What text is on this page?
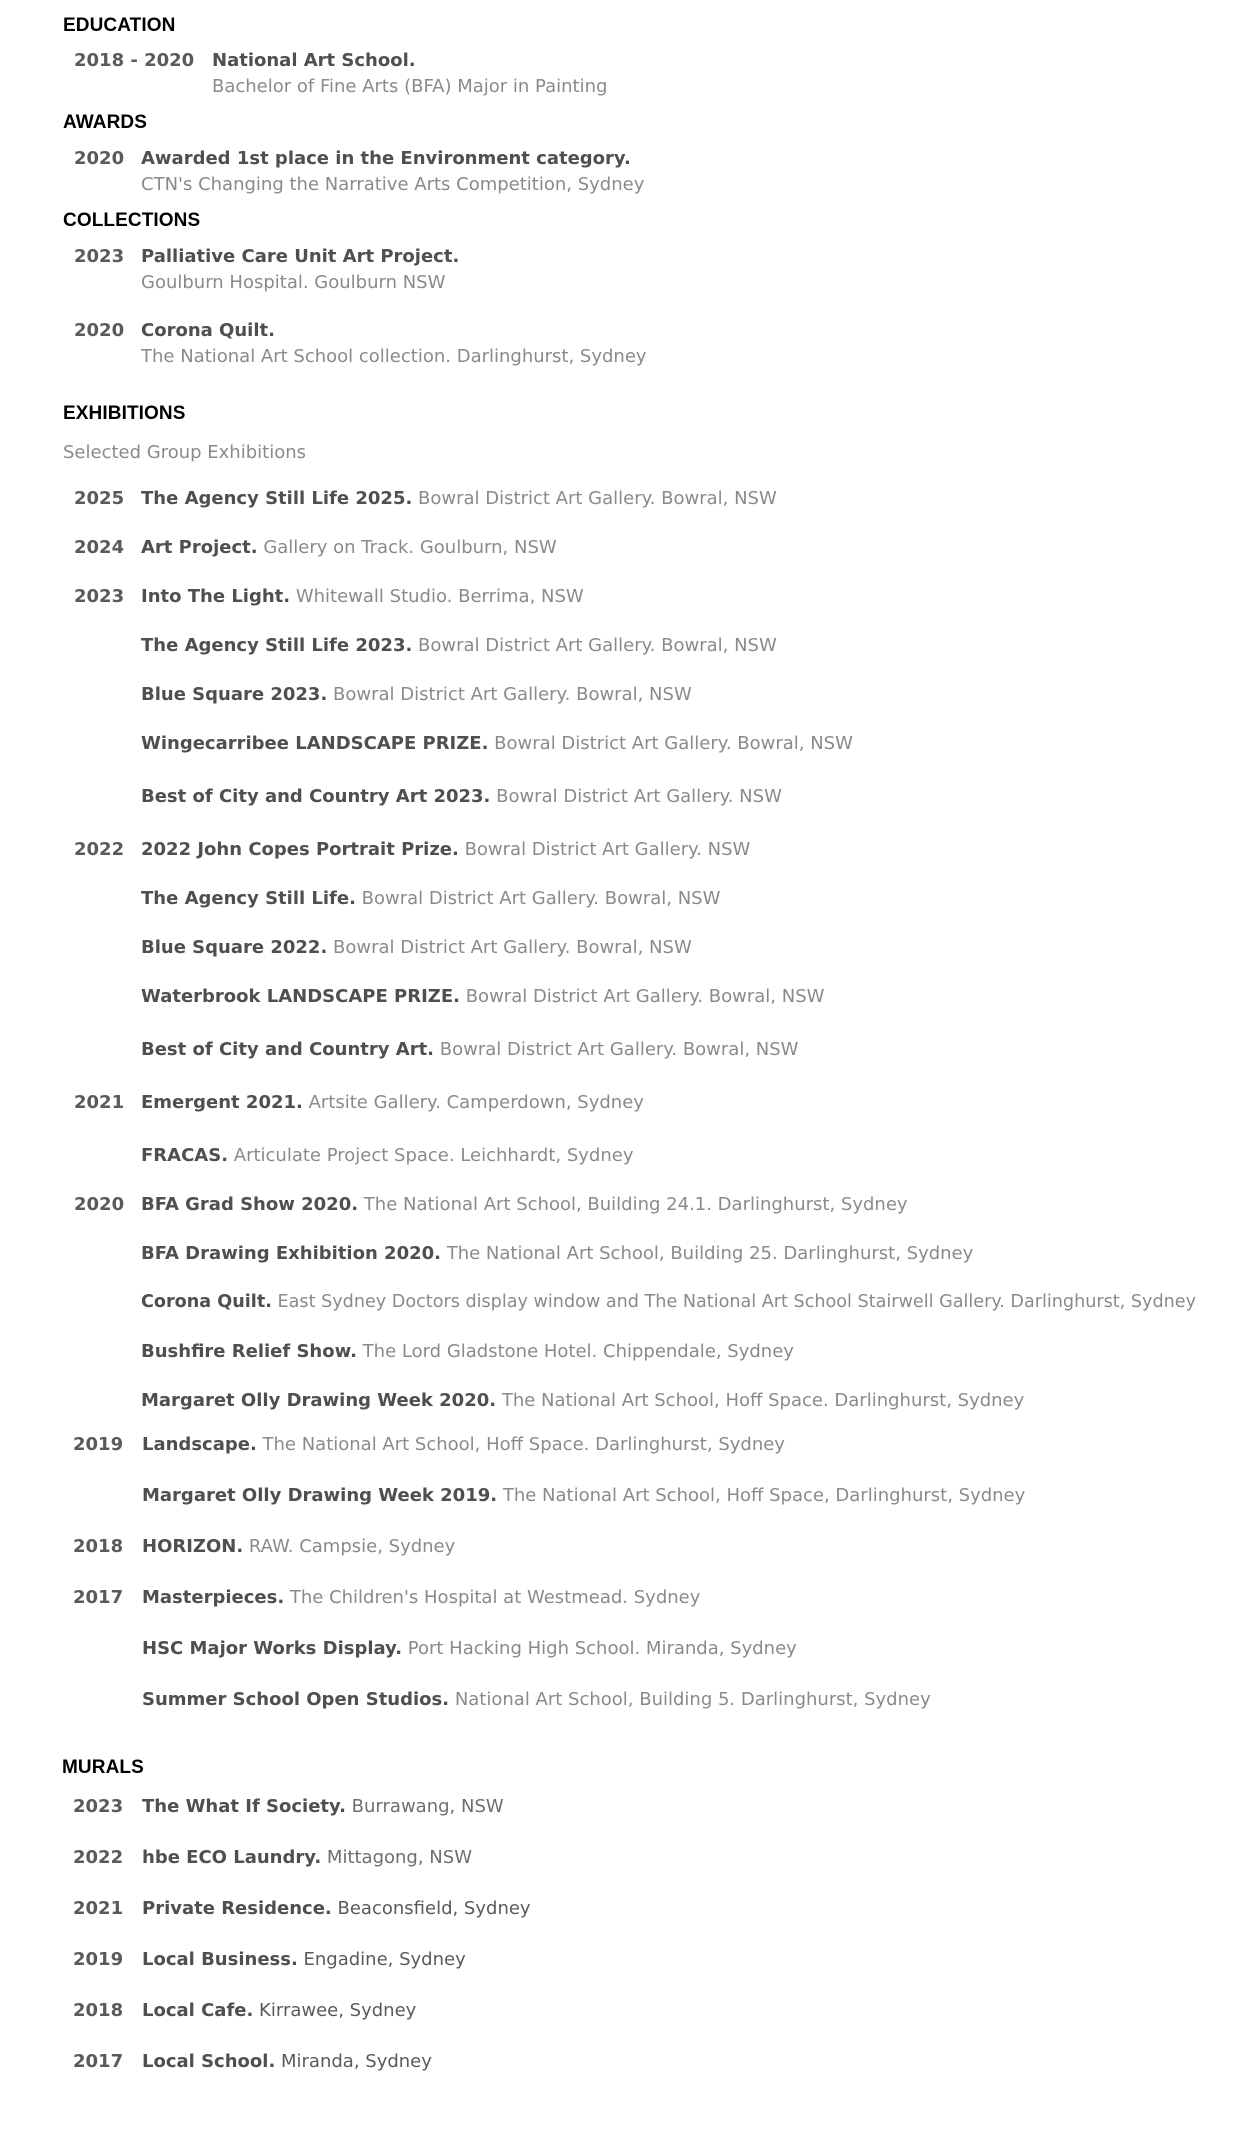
EDUCATION
2018 - 2020 National Art School.
Bachelor of Fine Arts (BFA) Major in Painting
AWARDS
2020 Awarded 1st place in the Environment category.
CTN's Changing the Narrative Arts Competition, Sydney
COLLECTIONS
2023 Palliative Care Unit Art Project.
Goulburn Hospital. Goulburn NSW
2020 Corona Quilt.
The National Art School collection. Darlinghurst, Sydney
EXHIBITIONS
Selected Group Exhibitions
2025 The Agency Still Life 2025. Bowral District Art Gallery. Bowral, NSW
2024 Art Project. Gallery on Track. Goulburn, NSW
2023 Into The Light. Whitewall Studio. Berrima, NSW
The Agency Still Life 2023. Bowral District Art Gallery. Bowral, NSW
Blue Square 2023. Bowral District Art Gallery. Bowral, NSW
Wingecarribee LANDSCAPE PRIZE. Bowral District Art Gallery. Bowral, NSW
Best of City and Country Art 2023. Bowral District Art Gallery. NSW
2022 2022 John Copes Portrait Prize. Bowral District Art Gallery. NSW
The Agency Still Life. Bowral District Art Gallery. Bowral, NSW
Blue Square 2022. Bowral District Art Gallery. Bowral, NSW
Waterbrook LANDSCAPE PRIZE. Bowral District Art Gallery. Bowral, NSW
Best of City and Country Art. Bowral District Art Gallery. Bowral, NSW
2021 Emergent 2021. Artsite Gallery. Camperdown, Sydney
FRACAS. Articulate Project Space. Leichhardt, Sydney
2020 BFA Grad Show 2020. The National Art School, Building 24.1. Darlinghurst, Sydney
BFA Drawing Exhibition 2020. The National Art School, Building 25. Darlinghurst, Sydney
Corona Quilt. East Sydney Doctors display window and The National Art School Stairwell Gallery. Darlinghurst, Sydney
Bushfire Relief Show. The Lord Gladstone Hotel. Chippendale, Sydney
Margaret Olly Drawing Week 2020. The National Art School, Hoff Space. Darlinghurst, Sydney
2019 Landscape. The National Art School, Hoff Space. Darlinghurst, Sydney
Margaret Olly Drawing Week 2019. The National Art School, Hoff Space, Darlinghurst, Sydney
2018 HORIZON. RAW. Campsie, Sydney
2017 Masterpieces. The Children's Hospital at Westmead. Sydney
HSC Major Works Display. Port Hacking High School. Miranda, Sydney
Summer School Open Studios. National Art School, Building 5. Darlinghurst, Sydney
MURALS
2023 The What If Society. Burrawang, NSW
2022 hbe ECO Laundry. Mittagong, NSW
2021 Private Residence. Beaconsfield, Sydney
2019 Local Business. Engadine, Sydney
2018 Local Cafe. Kirrawee, Sydney
2017 Local School. Miranda, Sydney
